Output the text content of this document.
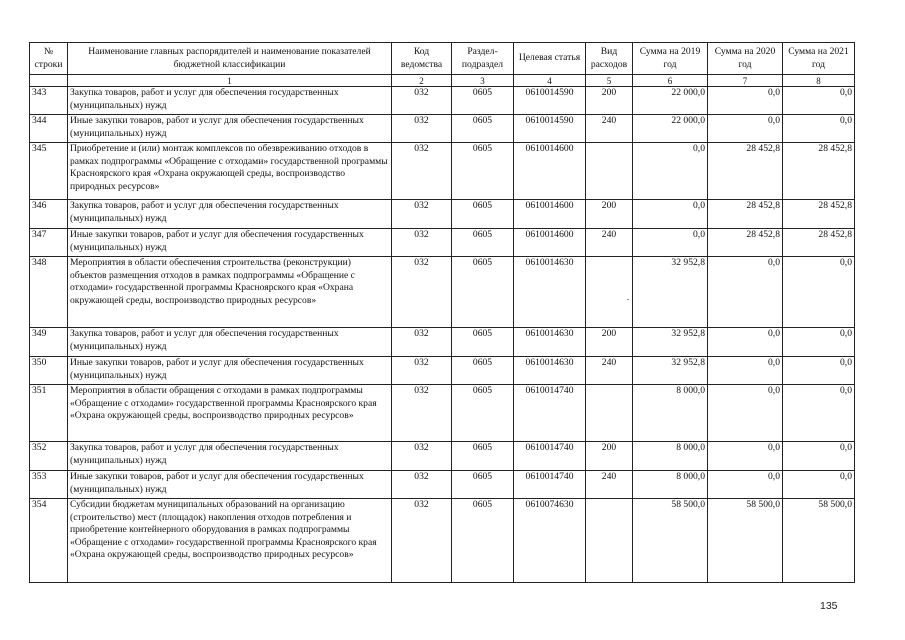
№ строки	Наименование главных распорядителей и наименование показателей бюджетной классификации	Код ведомства	Раздел-подраздел	Целевая статья	Вид расходов	Сумма на 2019 год	Сумма на 2020 год	Сумма на 2021 год
	1	2	3	4	5	6	7	8
343	Закупка товаров, работ и услуг для обеспечения государственных (муниципальных) нужд	032	0605	0610014590	200	22 000,0	0,0	0,0
344	Иные закупки товаров, работ и услуг для обеспечения государственных (муниципальных) нужд	032	0605	0610014590	240	22 000,0	0,0	0,0
345	Приобретение и (или) монтаж комплексов по обезвреживанию отходов в рамках подпрограммы «Обращение с отходами» государственной программы Красноярского края «Охрана окружающей среды, воспроизводство природных ресурсов»	032	0605	0610014600		0,0	28 452,8	28 452,8
346	Закупка товаров, работ и услуг для обеспечения государственных (муниципальных) нужд	032	0605	0610014600	200	0,0	28 452,8	28 452,8
347	Иные закупки товаров, работ и услуг для обеспечения государственных (муниципальных) нужд	032	0605	0610014600	240	0,0	28 452,8	28 452,8
348	Мероприятия в области обеспечения строительства (реконструкции) объектов размещения отходов в рамках подпрограммы «Обращение с отходами» государственной программы Красноярского края «Охрана окружающей среды, воспроизводство природных ресурсов»	032	0605	0610014630		32 952,8	0,0	0,0
349	Закупка товаров, работ и услуг для обеспечения государственных (муниципальных) нужд	032	0605	0610014630	200	32 952,8	0,0	0,0
350	Иные закупки товаров, работ и услуг для обеспечения государственных (муниципальных) нужд	032	0605	0610014630	240	32 952,8	0,0	0,0
351	Мероприятия в области обращения с отходами в рамках подпрограммы «Обращение с отходами» государственной программы Красноярского края «Охрана окружающей среды, воспроизводство природных ресурсов»	032	0605	0610014740		8 000,0	0,0	0,0
352	Закупка товаров, работ и услуг для обеспечения государственных (муниципальных) нужд	032	0605	0610014740	200	8 000,0	0,0	0,0
353	Иные закупки товаров, работ и услуг для обеспечения государственных (муниципальных) нужд	032	0605	0610014740	240	8 000,0	0,0	0,0
354	Субсидии бюджетам муниципальных образований на организацию (строительство) мест (площадок) накопления отходов потребления и приобретение контейнерного оборудования в рамках подпрограммы «Обращение с отходами» государственной программы Красноярского края «Охрана окружающей среды, воспроизводство природных ресурсов»	032	0605	0610074630		58 500,0	58 500,0	58 500,0
135
